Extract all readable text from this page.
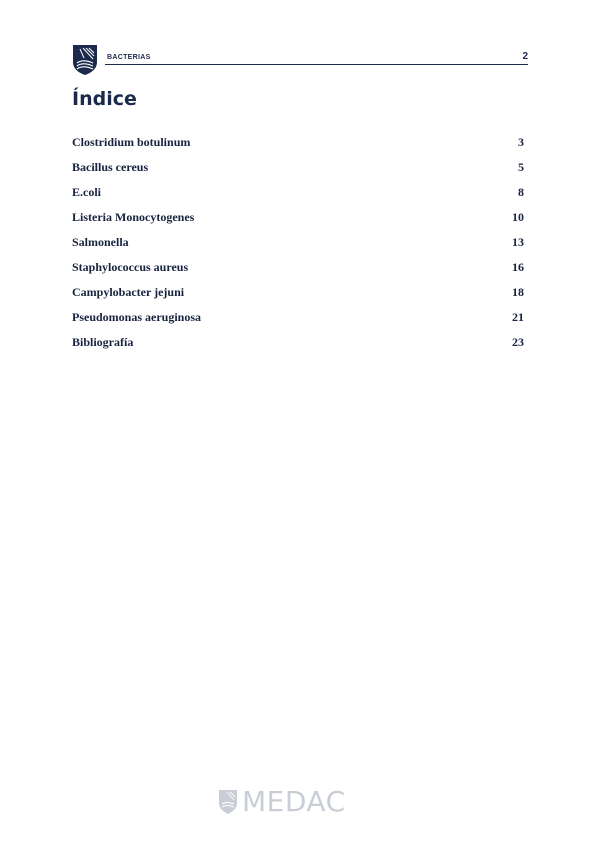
BACTERIAS	2
Índice
Clostridium botulinum	3
Bacillus cereus	5
E.coli	8
Listeria Monocytogenes	10
Salmonella	13
Staphylococcus aureus	16
Campylobacter jejuni	18
Pseudomonas aeruginosa	21
Bibliografía	23
MEDAC
